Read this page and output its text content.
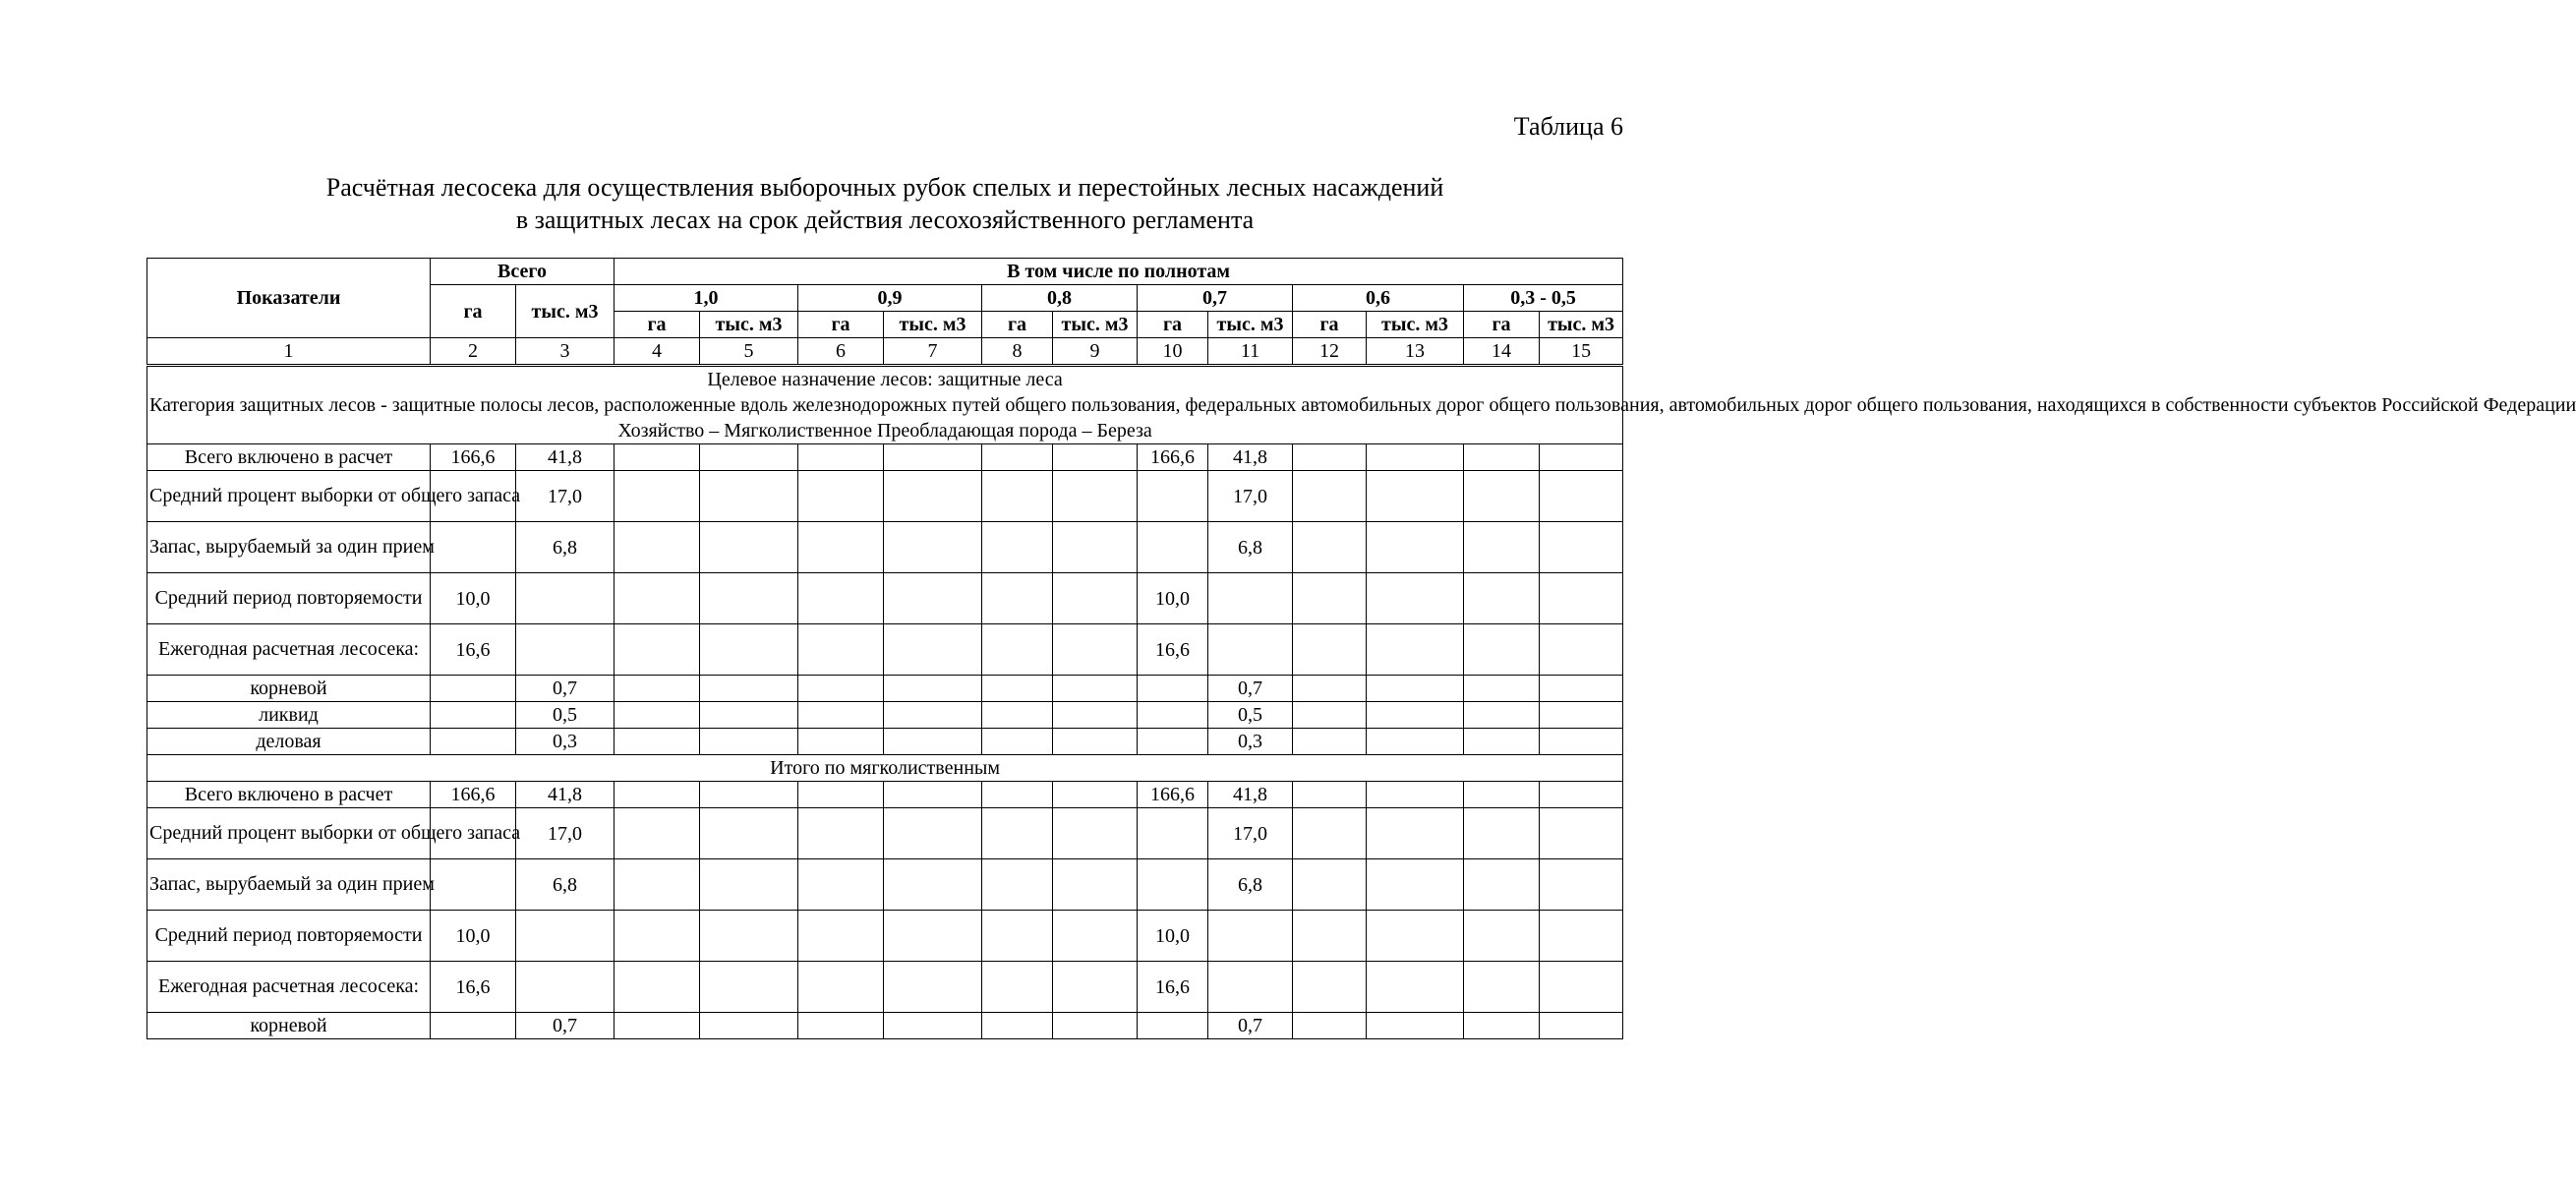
Таблица 6
Расчётная лесосека для осуществления выборочных рубок спелых и перестойных лесных насаждений
в защитных лесах на срок действия лесохозяйственного регламента
Показатели	Всего		В том числе по полнотам											
	га	тыс. м3	1,0		0,9		0,8		0,7		0,6		0,3 - 0,5	
			га	тыс. м3	га	тыс. м3	га	тыс. м3	га	тыс. м3	га	тыс. м3	га	тыс. м3
1	2	3	4	5	6	7	8	9	10	11	12	13	14	15

Целевое назначение лесов: защитные леса
Категория защитных лесов - защитные полосы лесов, расположенные вдоль железнодорожных путей общего пользования, федеральных автомобильных дорог общего пользования, автомобильных дорог общего пользования, находящихся в собственности субъектов Российской Федерации
Хозяйство – Мягколиственное Преобладающая порода – Береза														

Всего включено в расчет	166,6	41,8							166,6	41,8				
Средний процент выборки от общего запаса		17,0								17,0				
Запас, вырубаемый за один прием		6,8								6,8				
Средний период повторяемости	10,0								10,0					
Ежегодная расчетная лесосека:	16,6								16,6					
корневой		0,7								0,7				
ликвид		0,5								0,5				
деловая		0,3								0,3				
Итого по мягколиственным														
Всего включено в расчет	166,6	41,8							166,6	41,8				
Средний процент выборки от общего запаса		17,0								17,0				
Запас, вырубаемый за один прием		6,8								6,8				
Средний период повторяемости	10,0								10,0					
Ежегодная расчетная лесосека:	16,6								16,6					
корневой		0,7								0,7				
